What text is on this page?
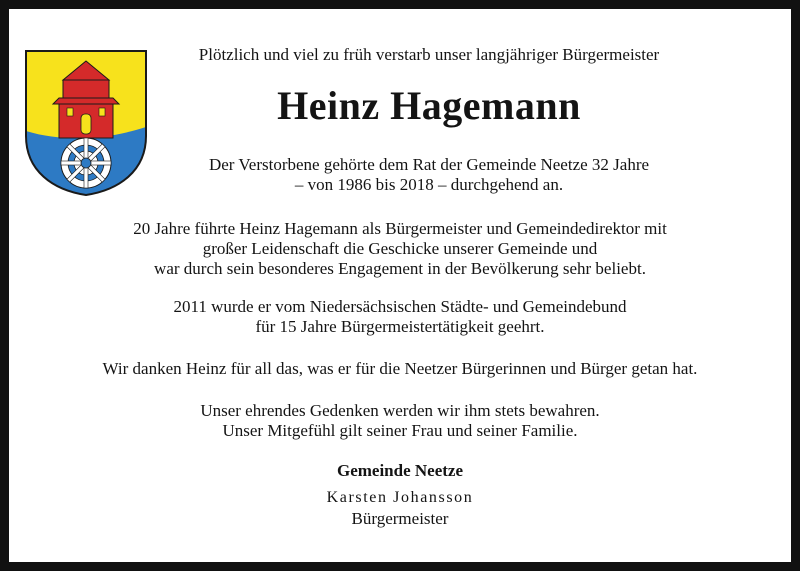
Plötzlich und viel zu früh verstarb unser langjähriger Bürgermeister
Heinz Hagemann

Der Verstorbene gehörte dem Rat der Gemeinde Neetze 32 Jahre
– von 1986 bis 2018 – durchgehend an.

20 Jahre führte Heinz Hagemann als Bürgermeister und Gemeindedirektor mit
großer Leidenschaft die Geschicke unserer Gemeinde und
war durch sein besonderes Engagement in der Bevölkerung sehr beliebt.

2011 wurde er vom Niedersächsischen Städte- und Gemeindebund
für 15 Jahre Bürgermeistertätigkeit geehrt.

Wir danken Heinz für all das, was er für die Neetzer Bürgerinnen und Bürger getan hat.

Unser ehrendes Gedenken werden wir ihm stets bewahren.
Unser Mitgefühl gilt seiner Frau und seiner Familie.

Gemeinde Neetze
Karsten Johansson
Bürgermeister
